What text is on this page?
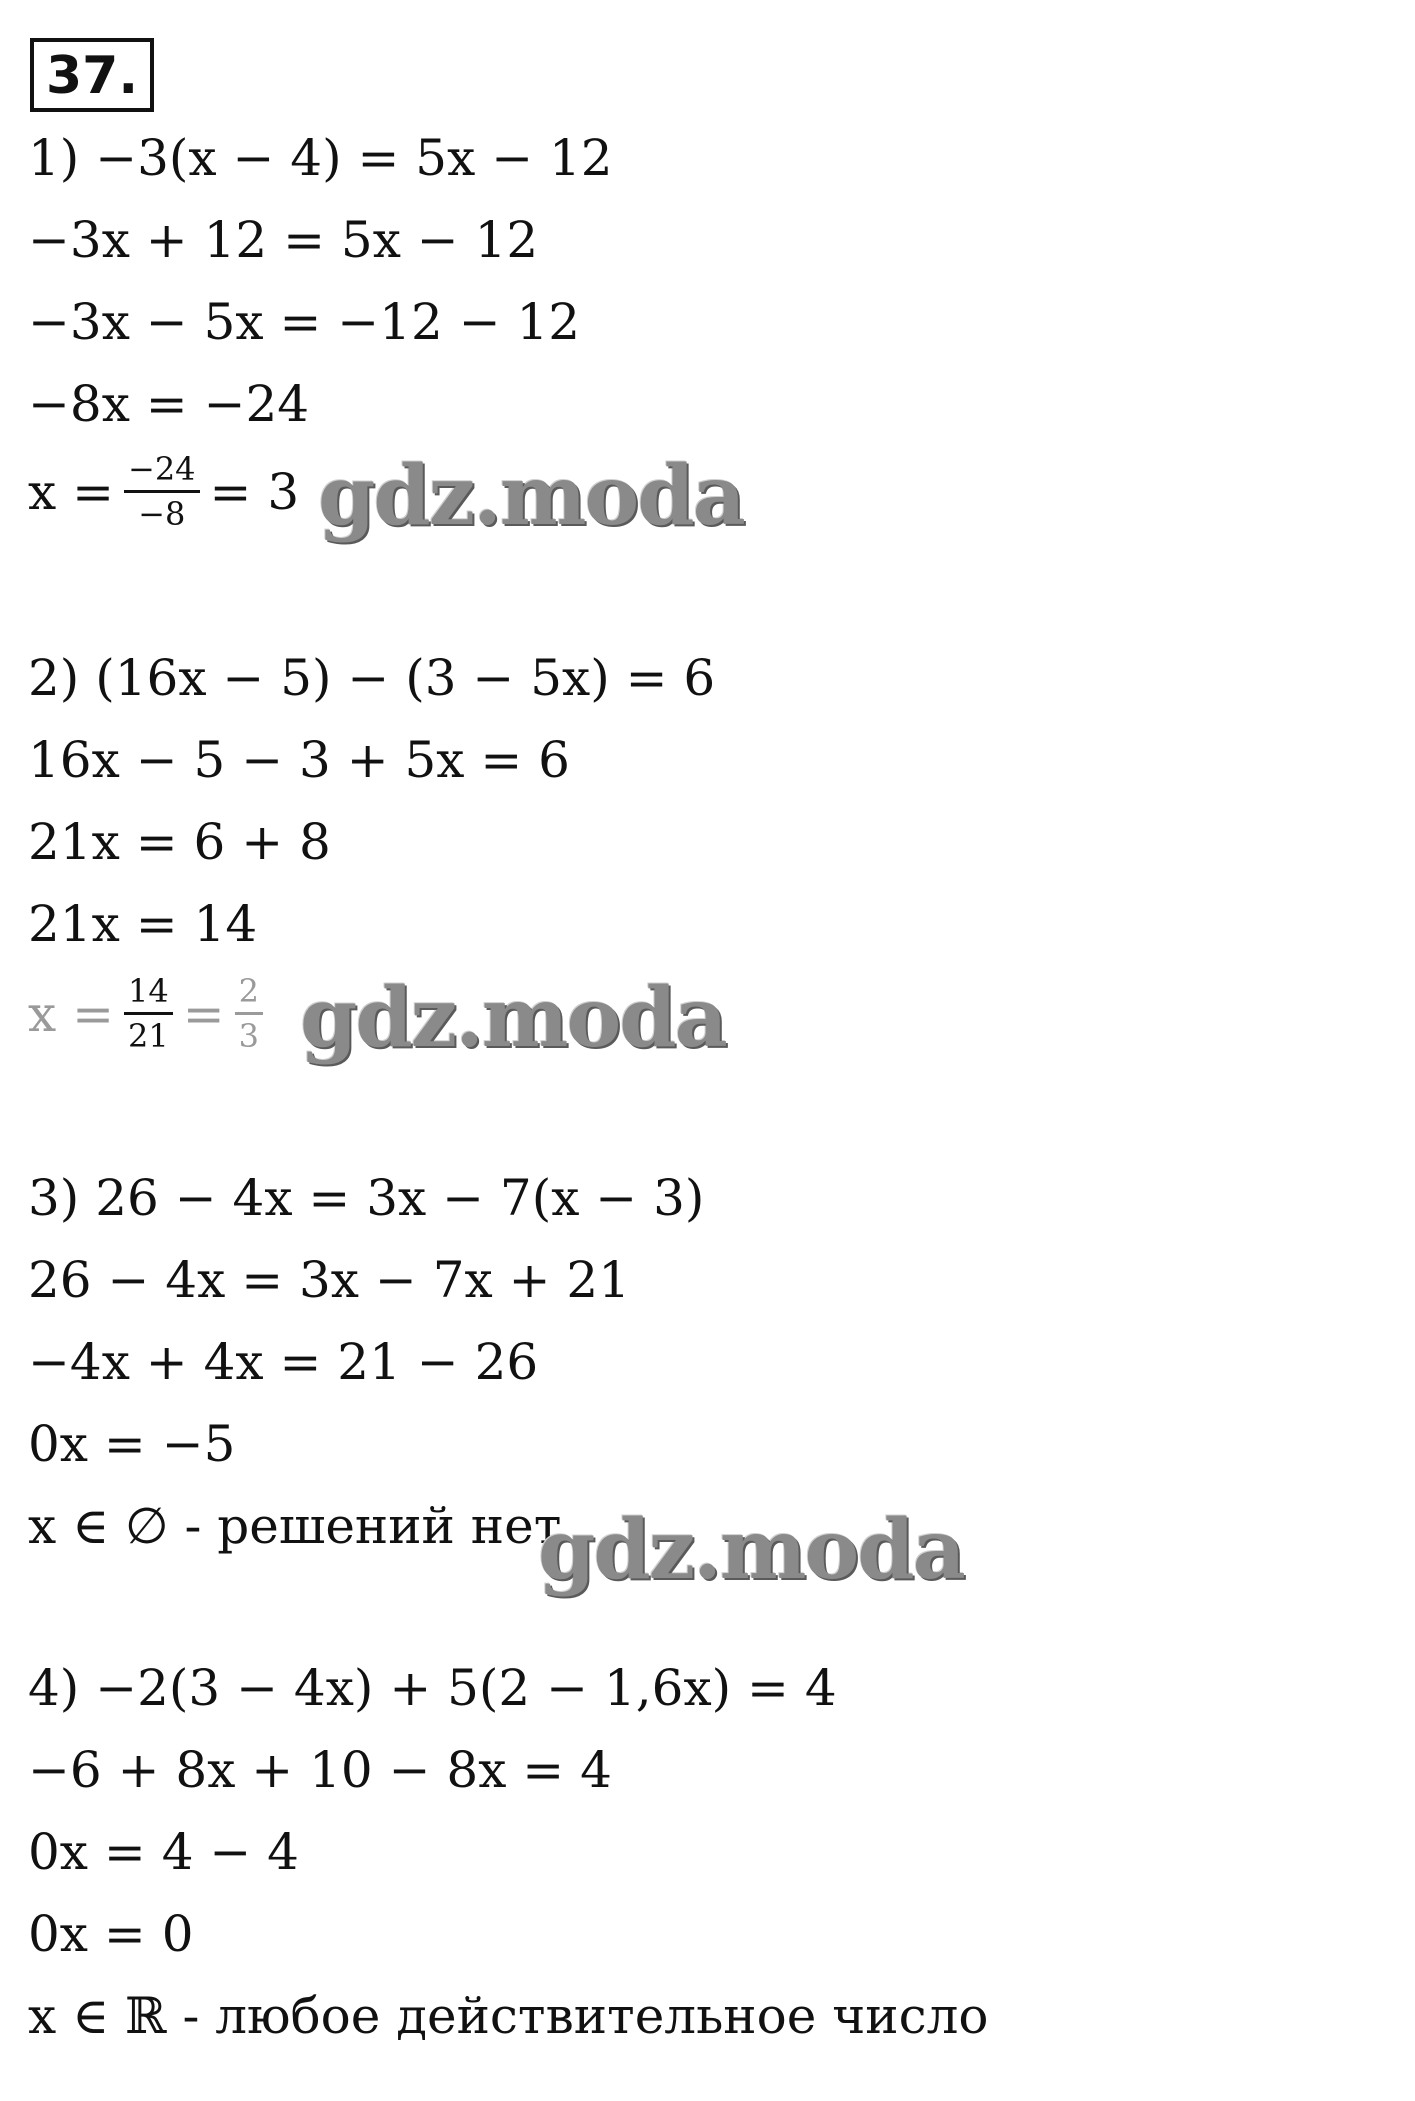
37.
1) −3(x − 4) = 5x − 12
−3x + 12 = 5x − 12
−3x − 5x = −12 − 12
−8x = −24
$x = \frac{-24}{-8} = 3$ gdz.moda
2) (16x − 5) − (3 − 5x) = 6
16x − 5 − 3 + 5x = 6
21x = 6 + 8
21x = 14
$x = \frac{14}{21} = \frac{2}{3}$ gdz.moda
3) 26 − 4x = 3x − 7(x − 3)
26 − 4x = 3x − 7x + 21
−4x + 4x = 21 − 26
0x = −5
x ∈ ∅ - решений нет
gdz.moda
4) −2(3 − 4x) + 5(2 − 1,6x) = 4
−6 + 8x + 10 − 8x = 4
0x = 4 − 4
0x = 0
x ∈ ℝ - любое действительное число
